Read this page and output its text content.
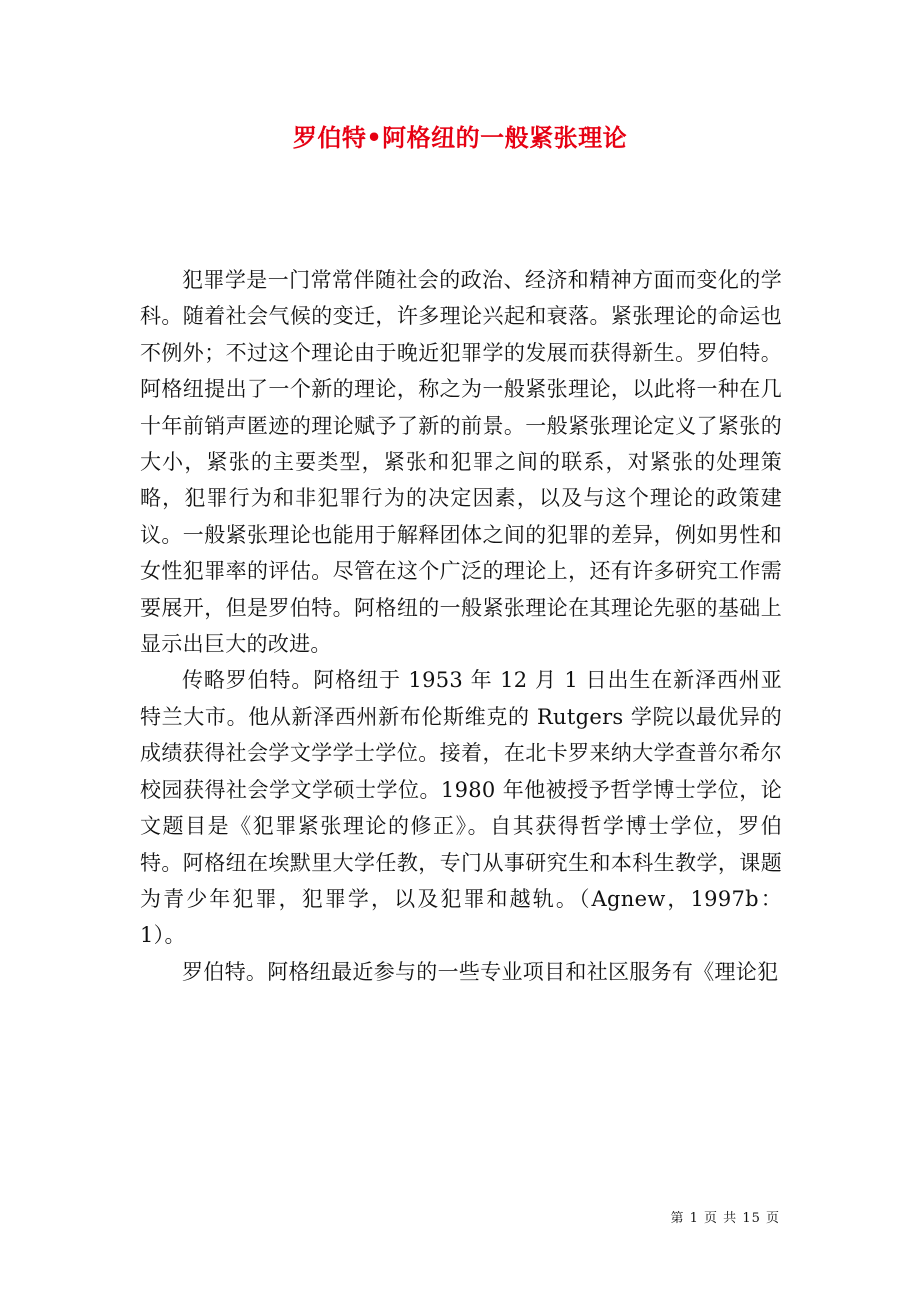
罗伯特•阿格纽的一般紧张理论

犯罪学是一门常常伴随社会的政治、经济和精神方面而变化的学科。随着社会气候的变迁，许多理论兴起和衰落。紧张理论的命运也不例外；不过这个理论由于晚近犯罪学的发展而获得新生。罗伯特。阿格纽提出了一个新的理论，称之为一般紧张理论，以此将一种在几十年前销声匿迹的理论赋予了新的前景。一般紧张理论定义了紧张的大小，紧张的主要类型，紧张和犯罪之间的联系，对紧张的处理策略，犯罪行为和非犯罪行为的决定因素，以及与这个理论的政策建议。一般紧张理论也能用于解释团体之间的犯罪的差异，例如男性和女性犯罪率的评估。尽管在这个广泛的理论上，还有许多研究工作需要展开，但是罗伯特。阿格纽的一般紧张理论在其理论先驱的基础上显示出巨大的改进。

传略罗伯特。阿格纽于 1953 年 12 月 1 日出生在新泽西州亚特兰大市。他从新泽西州新布伦斯维克的 Rutgers 学院以最优异的成绩获得社会学文学学士学位。接着，在北卡罗来纳大学查普尔希尔校园获得社会学文学硕士学位。1980 年他被授予哲学博士学位，论文题目是《犯罪紧张理论的修正》。自其获得哲学博士学位，罗伯特。阿格纽在埃默里大学任教，专门从事研究生和本科生教学，课题为青少年犯罪，犯罪学，以及犯罪和越轨。（Agnew，1997b：1）。

罗伯特。阿格纽最近参与的一些专业项目和社区服务有《理论犯

第 1 页 共 15 页
